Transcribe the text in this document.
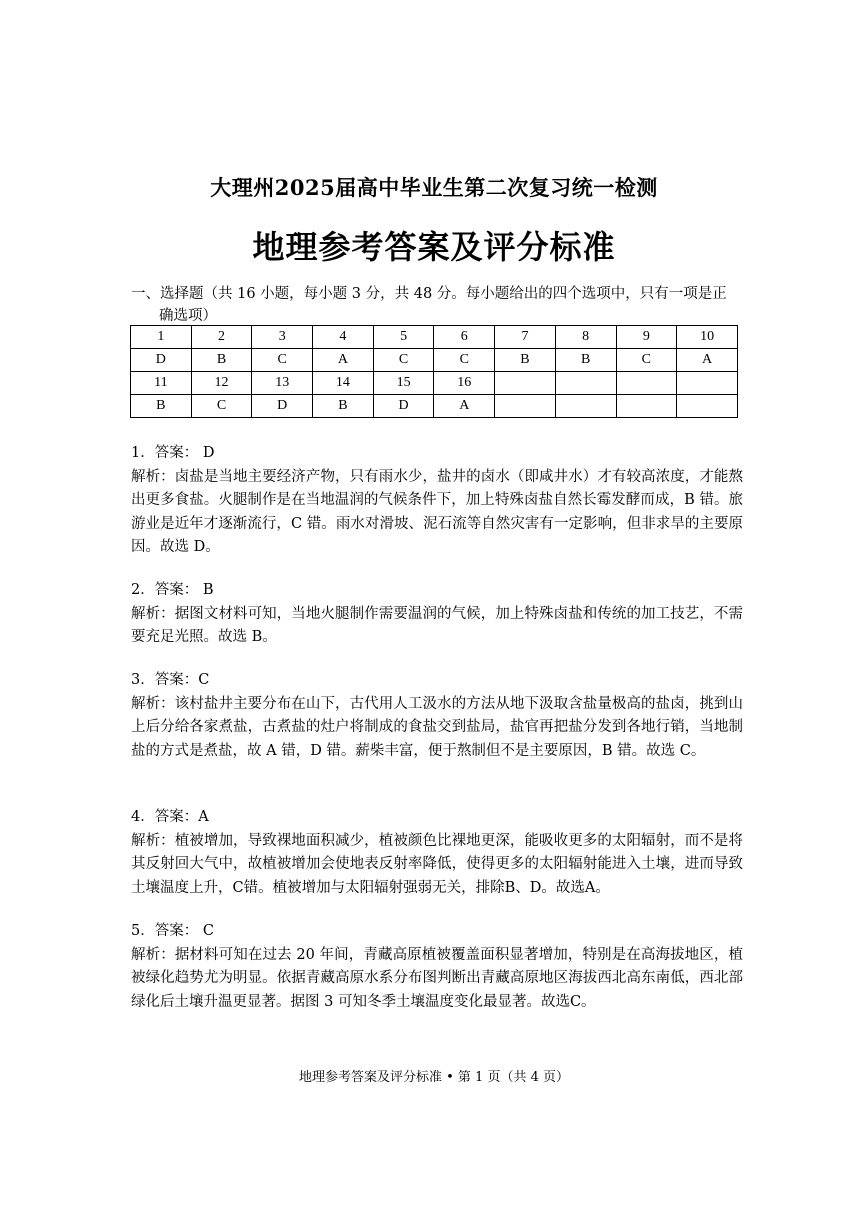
大理州2025届高中毕业生第二次复习统一检测
地理参考答案及评分标准
一、选择题（共 16 小题，每小题 3 分，共 48 分。每小题给出的四个选项中，只有一项是正
确选项）
1	2	3	4	5	6	7	8	9	10
D	B	C	A	C	C	B	B	C	A
11	12	13	14	15	16				
B	C	D	B	D	A				

1．答案： D

解析：卤盐是当地主要经济产物，只有雨水少，盐井的卤水（即咸井水）才有较高浓度，才能熬出更多食盐。火腿制作是在当地温润的气候条件下，加上特殊卤盐自然长霉发酵而成，B 错。旅游业是近年才逐渐流行，C 错。雨水对滑坡、泥石流等自然灾害有一定影响，但非求旱的主要原因。故选 D。

2．答案： B

解析：据图文材料可知，当地火腿制作需要温润的气候，加上特殊卤盐和传统的加工技艺，不需要充足光照。故选 B。

3．答案：C

解析：该村盐井主要分布在山下，古代用人工汲水的方法从地下汲取含盐量极高的盐卤，挑到山上后分给各家煮盐，古煮盐的灶户将制成的食盐交到盐局，盐官再把盐分发到各地行销，当地制盐的方式是煮盐，故 A 错，D 错。薪柴丰富，便于熬制但不是主要原因，B 错。故选 C。

4．答案：A

解析：植被增加，导致裸地面积减少，植被颜色比裸地更深，能吸收更多的太阳辐射，而不是将其反射回大气中，故植被增加会使地表反射率降低，使得更多的太阳辐射能进入土壤，进而导致土壤温度上升，C错。植被增加与太阳辐射强弱无关，排除B、D。故选A。

5．答案： C

解析：据材料可知在过去 20 年间，青藏高原植被覆盖面积显著增加，特别是在高海拔地区，植被绿化趋势尤为明显。依据青藏高原水系分布图判断出青藏高原地区海拔西北高东南低，西北部绿化后土壤升温更显著。据图 3 可知冬季土壤温度变化最显著。故选C。

地理参考答案及评分标准 • 第 1 页（共 4 页）
